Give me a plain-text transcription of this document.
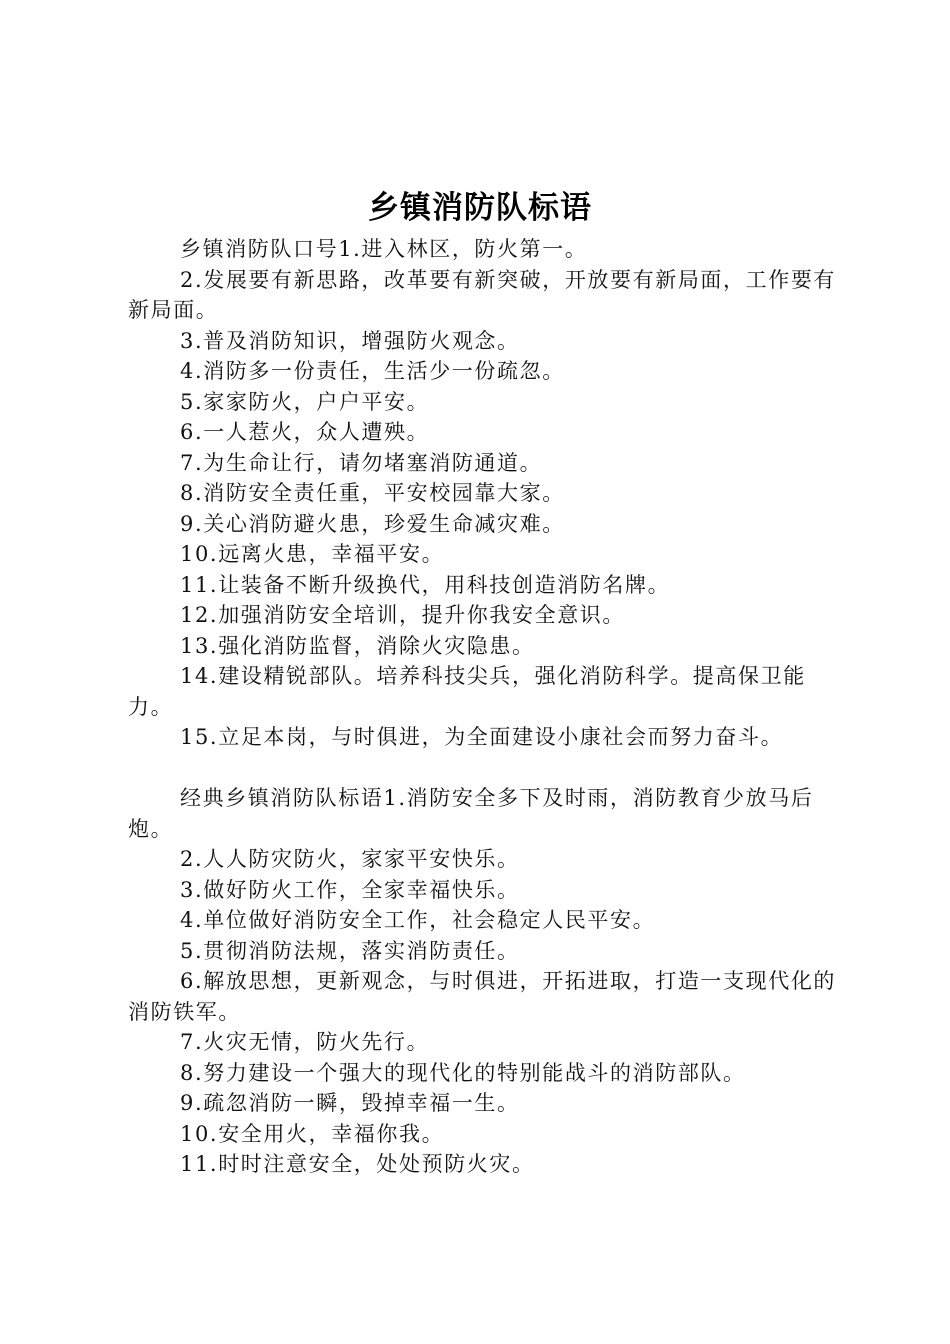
乡镇消防队标语

乡镇消防队口号1.进入林区，防火第一。

2.发展要有新思路，改革要有新突破，开放要有新局面，工作要有新局面。

3.普及消防知识，增强防火观念。

4.消防多一份责任，生活少一份疏忽。

5.家家防火，户户平安。

6.一人惹火，众人遭殃。

7.为生命让行，请勿堵塞消防通道。

8.消防安全责任重，平安校园靠大家。

9.关心消防避火患，珍爱生命减灾难。

10.远离火患，幸福平安。

11.让装备不断升级换代，用科技创造消防名牌。

12.加强消防安全培训，提升你我安全意识。

13.强化消防监督，消除火灾隐患。

14.建设精锐部队。培养科技尖兵，强化消防科学。提高保卫能力。

15.立足本岗，与时俱进，为全面建设小康社会而努力奋斗。

经典乡镇消防队标语1.消防安全多下及时雨，消防教育少放马后炮。

2.人人防灾防火，家家平安快乐。

3.做好防火工作，全家幸福快乐。

4.单位做好消防安全工作，社会稳定人民平安。

5.贯彻消防法规，落实消防责任。

6.解放思想，更新观念，与时俱进，开拓进取，打造一支现代化的消防铁军。

7.火灾无情，防火先行。

8.努力建设一个强大的现代化的特别能战斗的消防部队。

9.疏忽消防一瞬，毁掉幸福一生。

10.安全用火，幸福你我。

11.时时注意安全，处处预防火灾。
